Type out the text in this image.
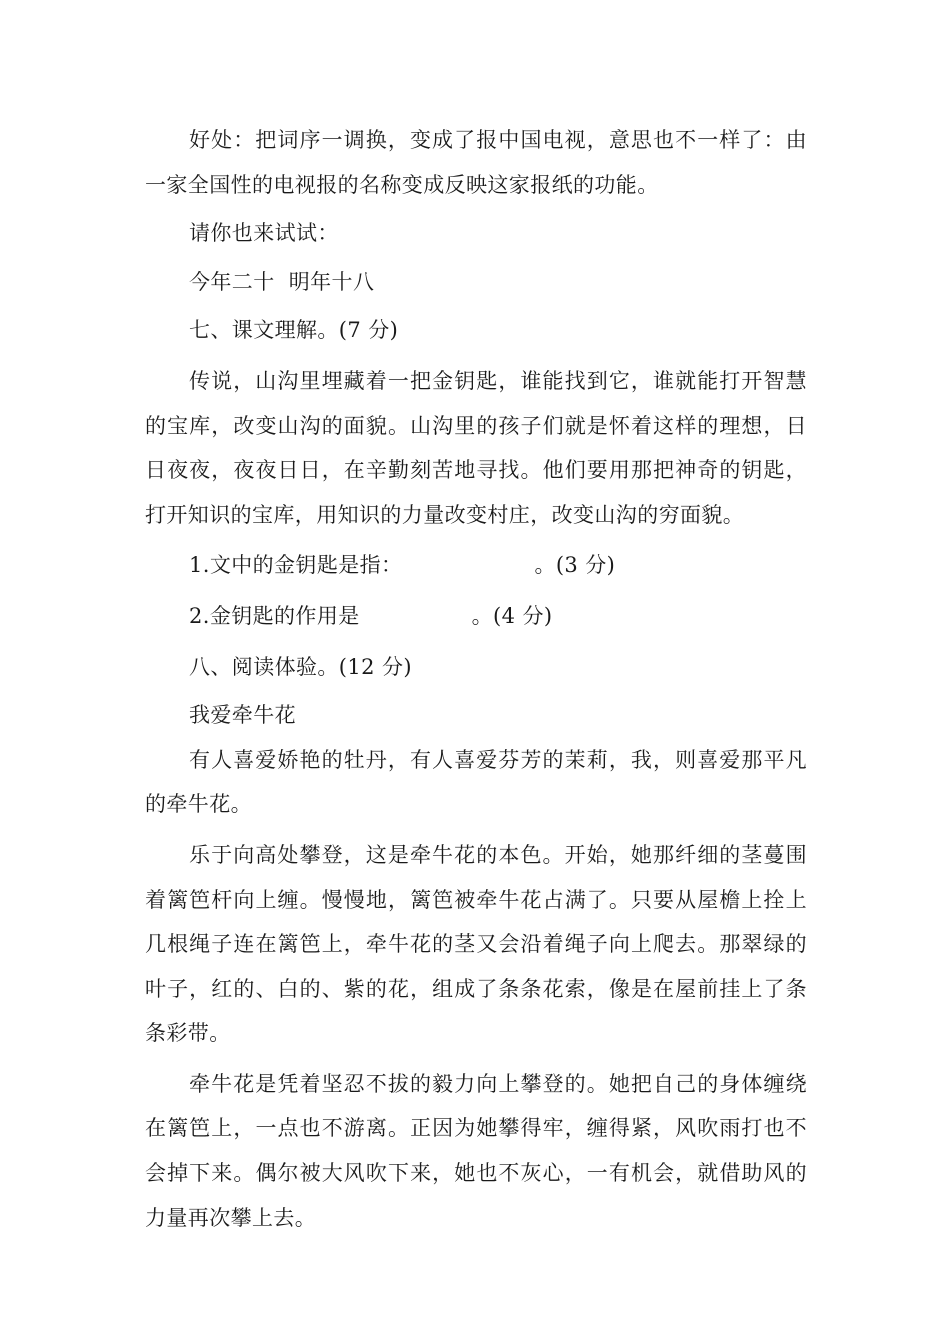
好处：把词序一调换，变成了报中国电视，意思也不一样了：由一家全国性的电视报的名称变成反映这家报纸的功能。

请你也来试试：

今年二十  明年十八

七、课文理解。(7 分)

传说，山沟里埋藏着一把金钥匙，谁能找到它，谁就能打开智慧的宝库，改变山沟的面貌。山沟里的孩子们就是怀着这样的理想，日日夜夜，夜夜日日，在辛勤刻苦地寻找。他们要用那把神奇的钥匙，打开知识的宝库，用知识的力量改变村庄，改变山沟的穷面貌。

1.文中的金钥匙是指：	。(3 分)

2.金钥匙的作用是	。(4 分)

八、阅读体验。(12 分)

我爱牵牛花

有人喜爱娇艳的牡丹，有人喜爱芬芳的茉莉，我，则喜爱那平凡的牵牛花。

乐于向高处攀登，这是牵牛花的本色。开始，她那纤细的茎蔓围着篱笆杆向上缠。慢慢地，篱笆被牵牛花占满了。只要从屋檐上拴上几根绳子连在篱笆上，牵牛花的茎又会沿着绳子向上爬去。那翠绿的叶子，红的、白的、紫的花，组成了条条花索，像是在屋前挂上了条条彩带。

牵牛花是凭着坚忍不拔的毅力向上攀登的。她把自己的身体缠绕在篱笆上，一点也不游离。正因为她攀得牢，缠得紧，风吹雨打也不会掉下来。偶尔被大风吹下来，她也不灰心，一有机会，就借助风的力量再次攀上去。
